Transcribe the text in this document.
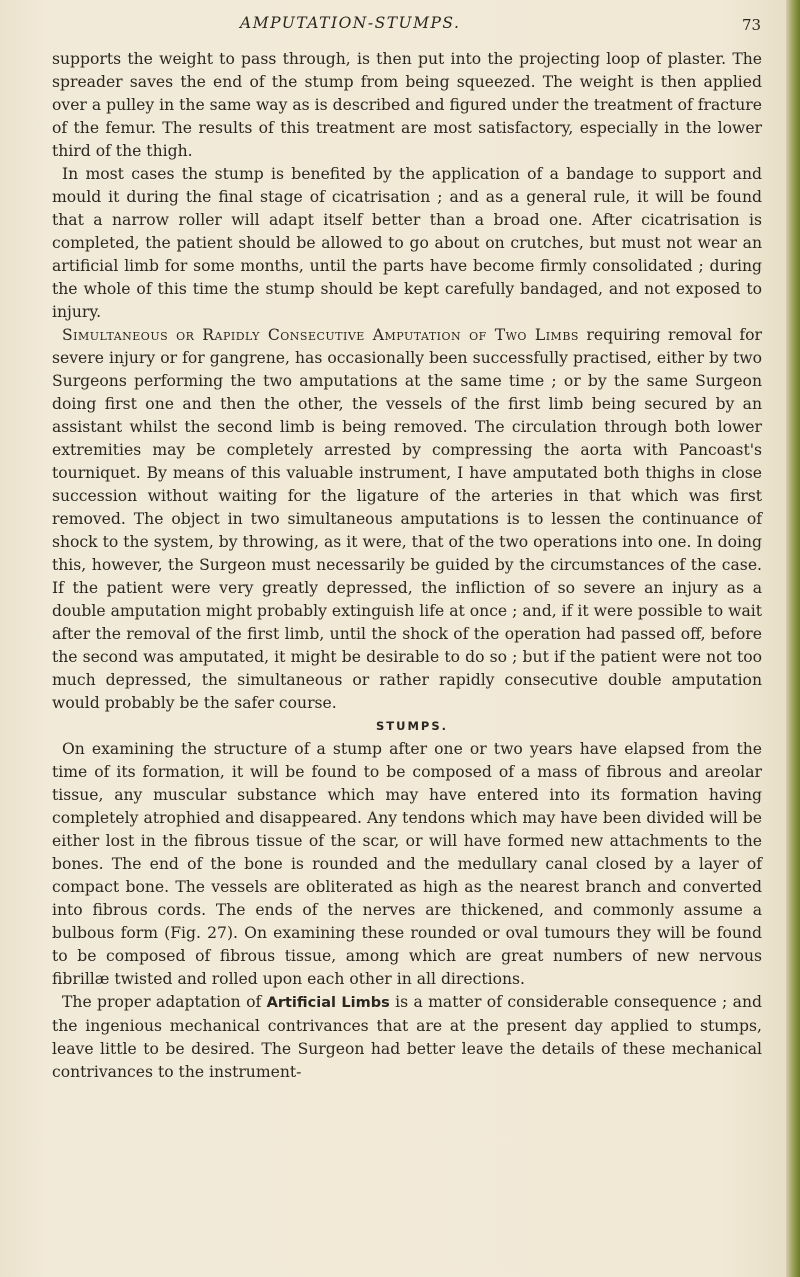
AMPUTATION-STUMPS.	73

supports the weight to pass through, is then put into the projecting loop of plaster. The spreader saves the end of the stump from being squeezed. The weight is then applied over a pulley in the same way as is described and figured under the treatment of fracture of the femur. The results of this treatment are most satisfactory, especially in the lower third of the thigh.

In most cases the stump is benefited by the application of a bandage to support and mould it during the final stage of cicatrisation ; and as a general rule, it will be found that a narrow roller will adapt itself better than a broad one. After cicatrisation is completed, the patient should be allowed to go about on crutches, but must not wear an artificial limb for some months, until the parts have become firmly consolidated ; during the whole of this time the stump should be kept carefully bandaged, and not exposed to injury.

Simultaneous or Rapidly Consecutive Amputation of Two Limbs requiring removal for severe injury or for gangrene, has occasionally been successfully practised, either by two Surgeons performing the two amputations at the same time ; or by the same Surgeon doing first one and then the other, the vessels of the first limb being secured by an assistant whilst the second limb is being removed. The circulation through both lower extremities may be completely arrested by compressing the aorta with Pancoast's tourniquet. By means of this valuable instrument, I have amputated both thighs in close succession without waiting for the ligature of the arteries in that which was first removed. The object in two simultaneous amputations is to lessen the continuance of shock to the system, by throwing, as it were, that of the two operations into one. In doing this, however, the Surgeon must necessarily be guided by the circumstances of the case. If the patient were very greatly depressed, the infliction of so severe an injury as a double amputation might probably extinguish life at once ; and, if it were possible to wait after the removal of the first limb, until the shock of the operation had passed off, before the second was amputated, it might be desirable to do so ; but if the patient were not too much depressed, the simultaneous or rather rapidly consecutive double amputation would probably be the safer course.

STUMPS.

On examining the structure of a stump after one or two years have elapsed from the time of its formation, it will be found to be composed of a mass of fibrous and areolar tissue, any muscular substance which may have entered into its formation having completely atrophied and disappeared. Any tendons which may have been divided will be either lost in the fibrous tissue of the scar, or will have formed new attachments to the bones. The end of the bone is rounded and the medullary canal closed by a layer of compact bone. The vessels are obliterated as high as the nearest branch and converted into fibrous cords. The ends of the nerves are thickened, and commonly assume a bulbous form (Fig. 27). On examining these rounded or oval tumours they will be found to be composed of fibrous tissue, among which are great numbers of new nervous fibrillæ twisted and rolled upon each other in all directions.

The proper adaptation of Artificial Limbs is a matter of considerable consequence ; and the ingenious mechanical contrivances that are at the present day applied to stumps, leave little to be desired. The Surgeon had better leave the details of these mechanical contrivances to the instrument-
